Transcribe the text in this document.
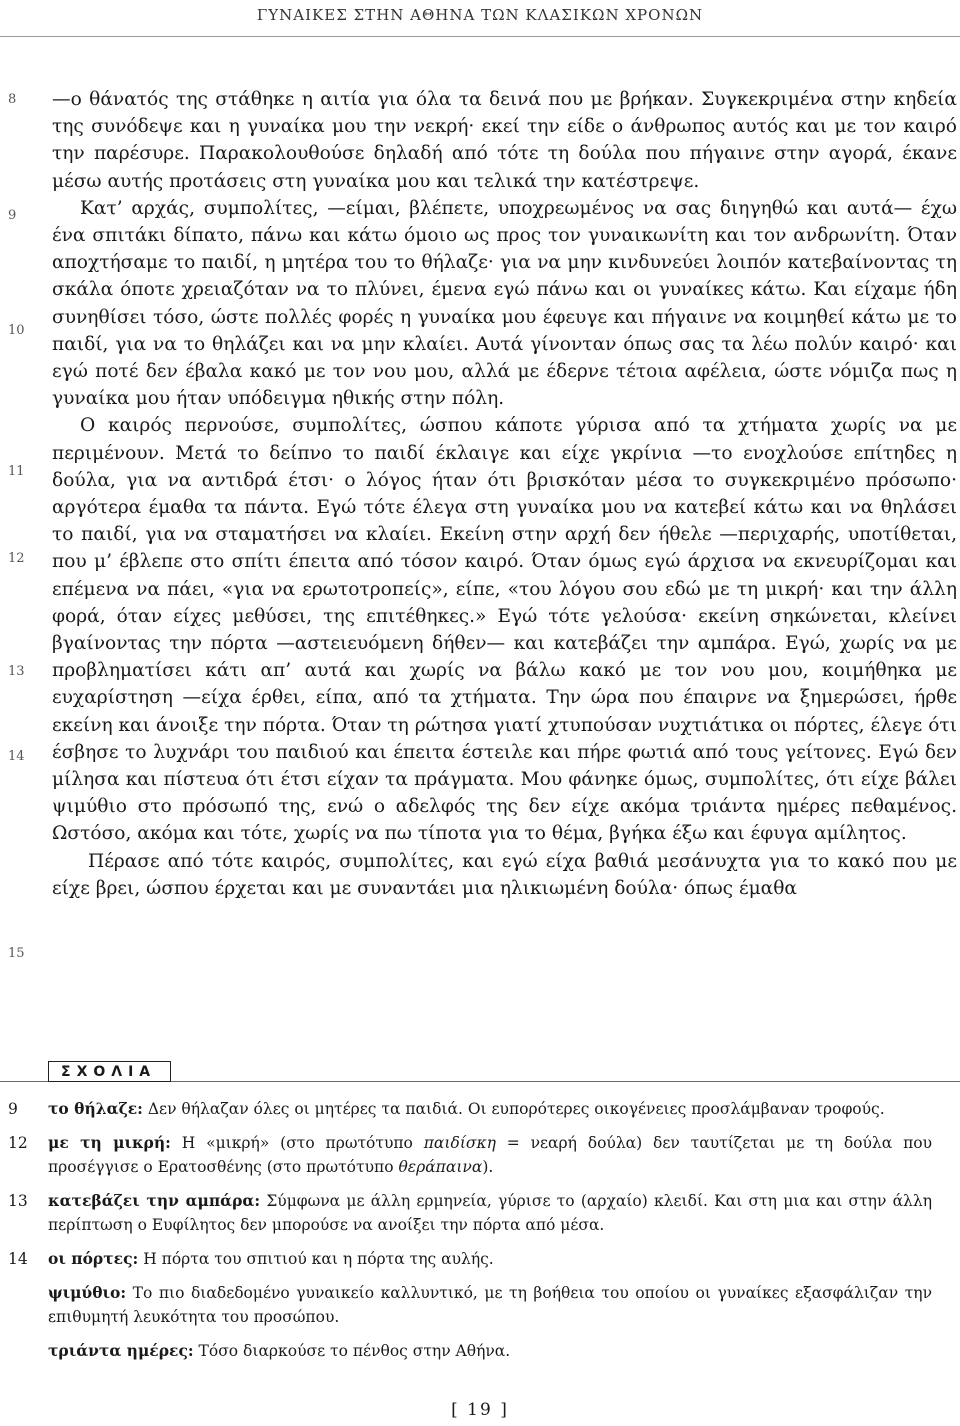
ΓΥΝΑΙΚΕΣ ΣΤΗΝ ΑΘΗΝΑ ΤΩΝ ΚΛΑΣΙΚΩΝ ΧΡΟΝΩΝ
8
9
10
11
12
13
14
15

—ο θάνατός της στάθηκε η αιτία για όλα τα δεινά που με βρήκαν. Συγκεκριμένα στην κηδεία της συνόδεψε και η γυναίκα μου την νεκρή· εκεί την είδε ο άνθρωπος αυτός και με τον καιρό την παρέσυρε. Παρακολουθούσε δηλαδή από τότε τη δούλα που πήγαινε στην αγορά, έκανε μέσω αυτής προτάσεις στη γυναίκα μου και τελικά την κατέστρεψε.

Κατ’ αρχάς, συμπολίτες, —είμαι, βλέπετε, υποχρεωμένος να σας διηγηθώ και αυτά— έχω ένα σπιτάκι δίπατο, πάνω και κάτω όμοιο ως προς τον γυναικωνίτη και τον ανδρωνίτη. Όταν αποχτήσαμε το παιδί, η μητέρα του το θήλαζε· για να μην κινδυνεύει λοιπόν κατεβαίνοντας τη σκάλα όποτε χρειαζόταν να το πλύνει, έμενα εγώ πάνω και οι γυναίκες κάτω. Και είχαμε ήδη συνηθίσει τόσο, ώστε πολλές φορές η γυναίκα μου έφευγε και πήγαινε να κοιμηθεί κάτω με το παιδί, για να το θηλάζει και να μην κλαίει. Αυτά γίνονταν όπως σας τα λέω πολύν καιρό· και εγώ ποτέ δεν έβαλα κακό με τον νου μου, αλλά με έδερνε τέτοια αφέλεια, ώστε νόμιζα πως η γυναίκα μου ήταν υπόδειγμα ηθικής στην πόλη.

Ο καιρός περνούσε, συμπολίτες, ώσπου κάποτε γύρισα από τα χτήματα χωρίς να με περιμένουν. Μετά το δείπνο το παιδί έκλαιγε και είχε γκρίνια —το ενοχλούσε επίτηδες η δούλα, για να αντιδρά έτσι· ο λόγος ήταν ότι βρισκόταν μέσα το συγκεκριμένο πρόσωπο· αργότερα έμαθα τα πάντα. Εγώ τότε έλεγα στη γυναίκα μου να κατεβεί κάτω και να θηλάσει το παιδί, για να σταματήσει να κλαίει. Εκείνη στην αρχή δεν ήθελε —περιχαρής, υποτίθεται, που μ’ έβλεπε στο σπίτι έπειτα από τόσον καιρό. Όταν όμως εγώ άρχισα να εκνευρίζομαι και επέμενα να πάει, «για να ερωτοτροπείς», είπε, «του λόγου σου εδώ με τη μικρή· και την άλλη φορά, όταν είχες μεθύσει, της επιτέθηκες.» Εγώ τότε γελούσα· εκείνη σηκώνεται, κλείνει βγαίνοντας την πόρτα —αστειευόμενη δήθεν— και κατεβάζει την αμπάρα. Εγώ, χωρίς να με προβληματίσει κάτι απ’ αυτά και χωρίς να βάλω κακό με τον νου μου, κοιμήθηκα με ευχαρίστηση —είχα έρθει, είπα, από τα χτήματα. Την ώρα που έπαιρνε να ξημερώσει, ήρθε εκείνη και άνοιξε την πόρτα. Όταν τη ρώτησα γιατί χτυπούσαν νυχτιάτικα οι πόρτες, έλεγε ότι έσβησε το λυχνάρι του παιδιού και έπειτα έστειλε και πήρε φωτιά από τους γείτονες. Εγώ δεν μίλησα και πίστευα ότι έτσι είχαν τα πράγματα. Μου φάνηκε όμως, συμπολίτες, ότι είχε βάλει ψιμύθιο στο πρόσωπό της, ενώ ο αδελφός της δεν είχε ακόμα τριάντα ημέρες πεθαμένος. Ωστόσο, ακόμα και τότε, χωρίς να πω τίποτα για το θέμα, βγήκα έξω και έφυγα αμίλητος.

Πέρασε από τότε καιρός, συμπολίτες, και εγώ είχα βαθιά μεσάνυχτα για το κακό που με είχε βρει, ώσπου έρχεται και με συναντάει μια ηλικιωμένη δούλα· όπως έμαθα

ΣΧΟΛΙΑ
9 το θήλαζε: Δεν θήλαζαν όλες οι μητέρες τα παιδιά. Οι ευπορότερες οικογένειες προσλάμβαναν τροφούς.
12 με τη μικρή: Η «μικρή» (στο πρωτότυπο παιδίσκη = νεαρή δούλα) δεν ταυτίζεται με τη δούλα που προσέγγισε ο Ερατοσθένης (στο πρωτότυπο θεράπαινα).
13 κατεβάζει την αμπάρα: Σύμφωνα με άλλη ερμηνεία, γύρισε το (αρχαίο) κλειδί. Και στη μια και στην άλλη περίπτωση ο Ευφίλητος δεν μπορούσε να ανοίξει την πόρτα από μέσα.
14 οι πόρτες: Η πόρτα του σπιτιού και η πόρτα της αυλής.
ψιμύθιο: Το πιο διαδεδομένο γυναικείο καλλυντικό, με τη βοήθεια του οποίου οι γυναίκες εξασφάλιζαν την επιθυμητή λευκότητα του προσώπου.
τριάντα ημέρες: Τόσο διαρκούσε το πένθος στην Αθήνα.
[ 19 ]
